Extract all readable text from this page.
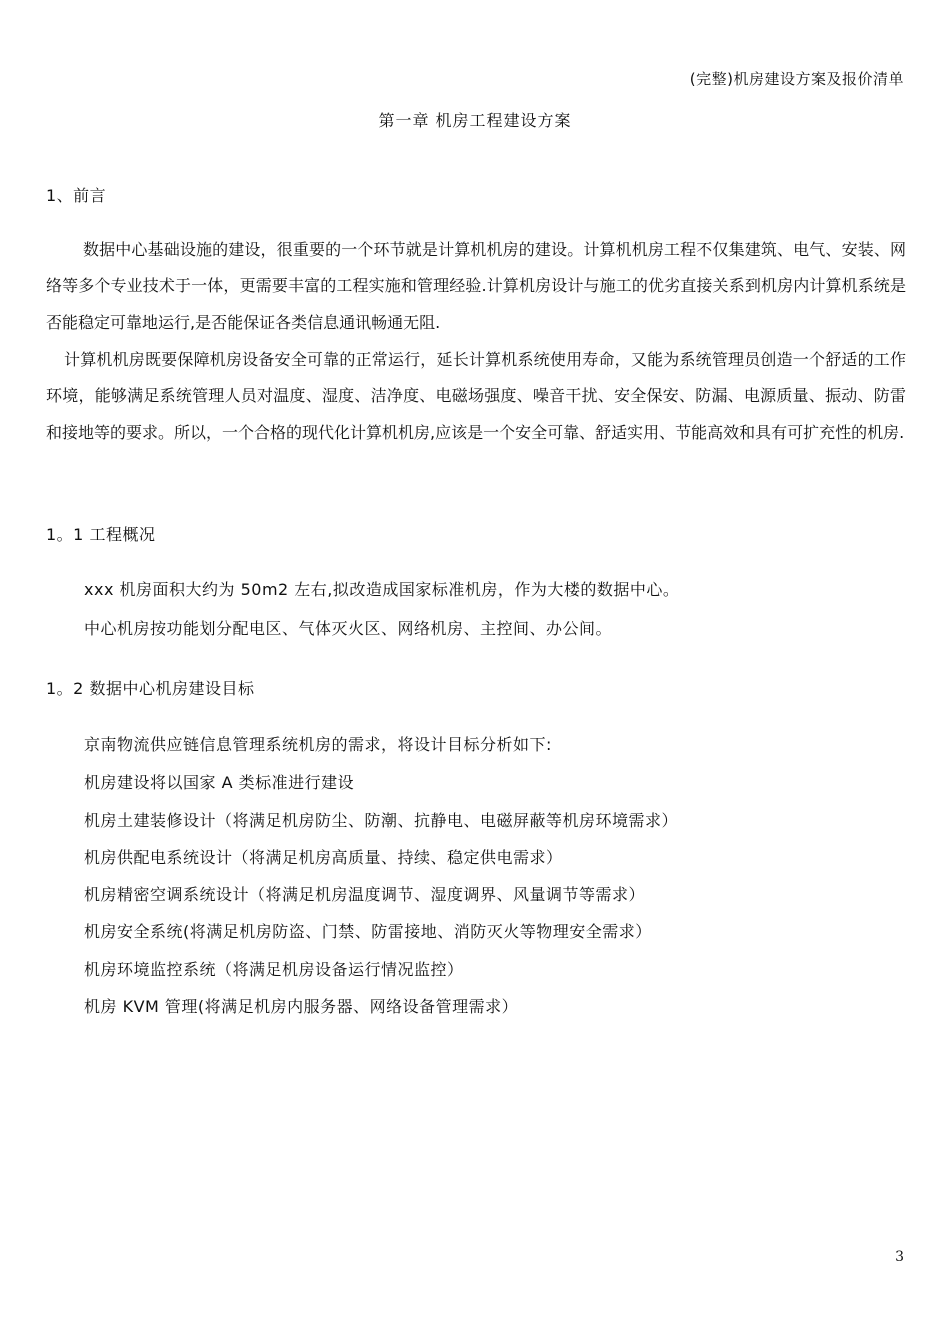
(完整)机房建设方案及报价清单
第一章 机房工程建设方案
1、前言

数据中心基础设施的建设，很重要的一个环节就是计算机机房的建设。计算机机房工程不仅集建筑、电气、安装、网络等多个专业技术于一体，更需要丰富的工程实施和管理经验.计算机房设计与施工的优劣直接关系到机房内计算机系统是否能稳定可靠地运行,是否能保证各类信息通讯畅通无阻.

计算机机房既要保障机房设备安全可靠的正常运行，延长计算机系统使用寿命，又能为系统管理员创造一个舒适的工作环境，能够满足系统管理人员对温度、湿度、洁净度、电磁场强度、噪音干扰、安全保安、防漏、电源质量、振动、防雷和接地等的要求。所以，一个合格的现代化计算机机房,应该是一个安全可靠、舒适实用、节能高效和具有可扩充性的机房.

1。1 工程概况
xxx 机房面积大约为 50m2 左右,拟改造成国家标准机房，作为大楼的数据中心。
中心机房按功能划分配电区、气体灭火区、网络机房、主控间、办公间。
1。2 数据中心机房建设目标
京南物流供应链信息管理系统机房的需求，将设计目标分析如下:
机房建设将以国家 A 类标准进行建设
机房土建装修设计（将满足机房防尘、防潮、抗静电、电磁屏蔽等机房环境需求）
机房供配电系统设计（将满足机房高质量、持续、稳定供电需求）
机房精密空调系统设计（将满足机房温度调节、湿度调界、风量调节等需求）
机房安全系统(将满足机房防盗、门禁、防雷接地、消防灭火等物理安全需求）
机房环境监控系统（将满足机房设备运行情况监控）
机房 KVM 管理(将满足机房内服务器、网络设备管理需求）
3
